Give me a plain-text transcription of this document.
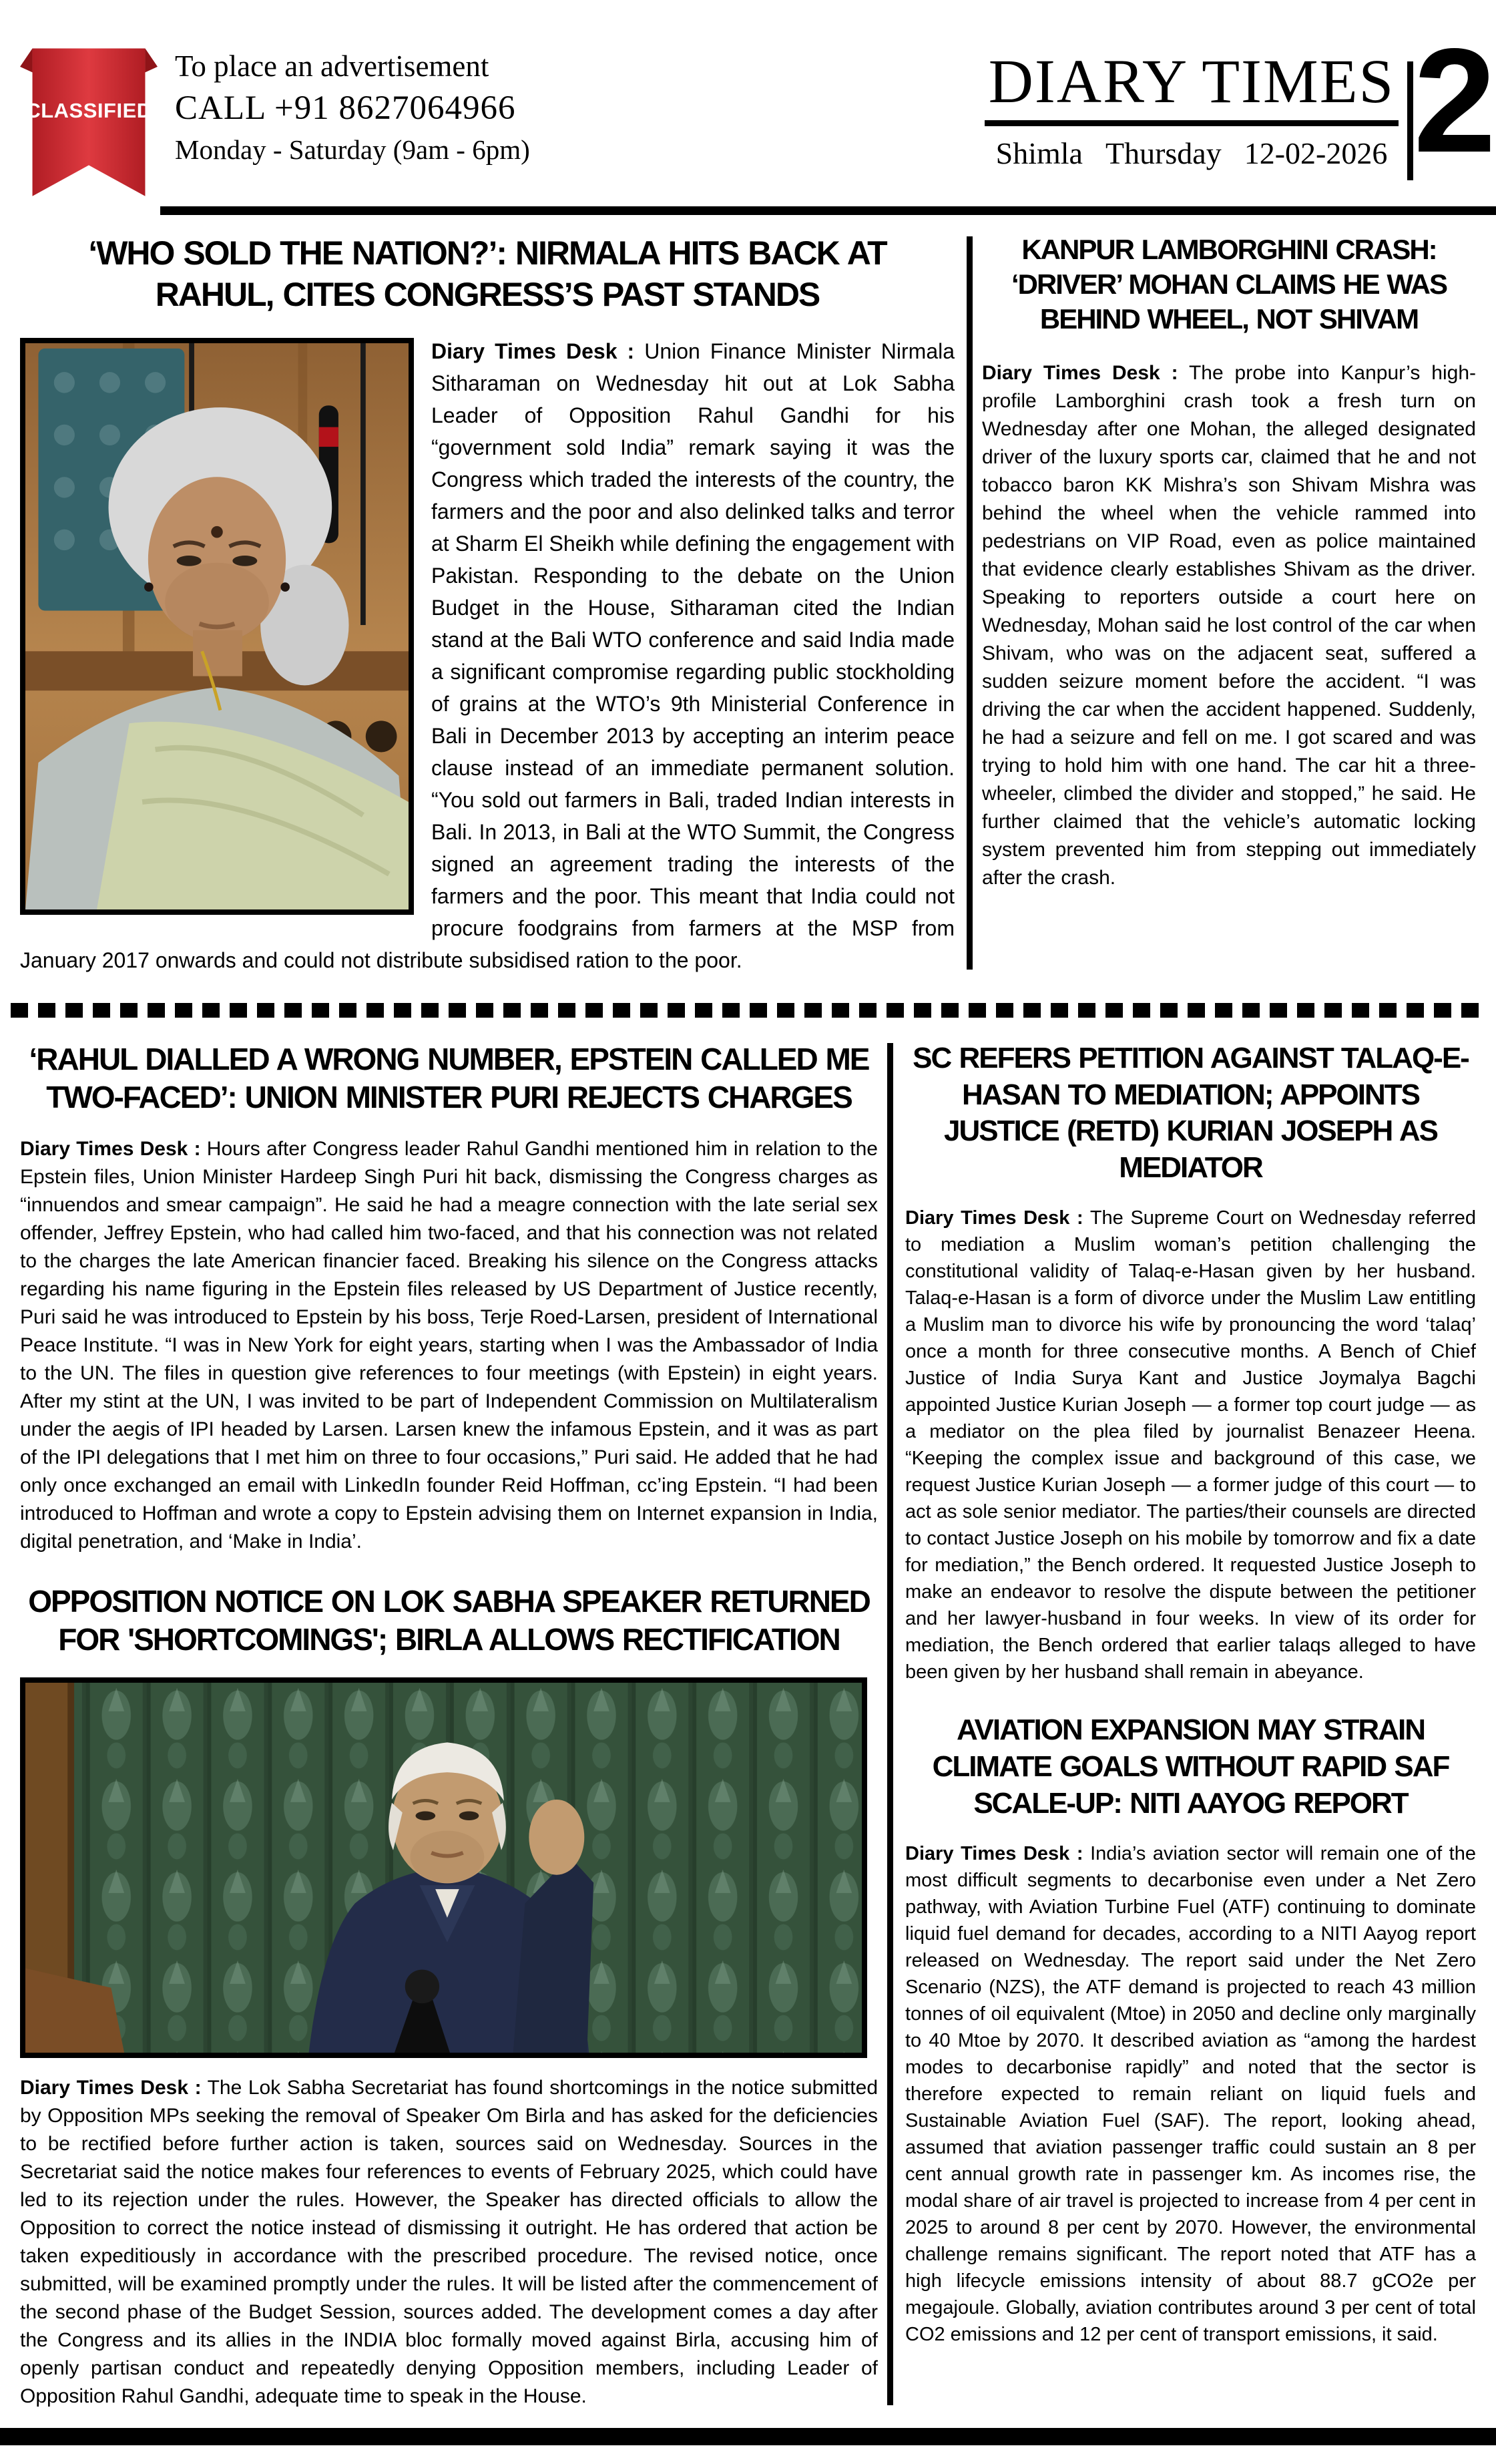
CLASSIFIED
To place an advertisement
CALL +91 8627064966
Monday - Saturday (9am - 6pm)
DIARY TIMES
Shimla Thursday 12-02-2026 2
‘WHO SOLD THE NATION?’: NIRMALA HITS BACK AT RAHUL, CITES CONGRESS’S PAST STANDS

Diary Times Desk : Union Finance Minister Nirmala Sitharaman on Wednesday hit out at Lok Sabha Leader of Opposition Rahul Gandhi for his “government sold India” remark saying it was the Congress which traded the interests of the country, the farmers and the poor and also delinked talks and terror at Sharm El Sheikh while defining the engagement with Pakistan. Responding to the debate on the Union Budget in the House, Sitharaman cited the Indian stand at the Bali WTO conference and said India made a significant compromise regarding public stockholding of grains at the WTO’s 9th Ministerial Conference in Bali in December 2013 by accepting an interim peace clause instead of an immediate permanent solution. “You sold out farmers in Bali, traded Indian interests in Bali. In 2013, in Bali at the WTO Summit, the Congress signed an agreement trading the interests of the farmers and the poor. This meant that India could not procure foodgrains from farmers at the MSP from January 2017 onwards and could not distribute subsidised ration to the poor.

KANPUR LAMBORGHINI CRASH: ‘DRIVER’ MOHAN CLAIMS HE WAS BEHIND WHEEL, NOT SHIVAM

Diary Times Desk : The probe into Kanpur’s high-profile Lamborghini crash took a fresh turn on Wednesday after one Mohan, the alleged designated driver of the luxury sports car, claimed that he and not tobacco baron KK Mishra’s son Shivam Mishra was behind the wheel when the vehicle rammed into pedestrians on VIP Road, even as police maintained that evidence clearly establishes Shivam as the driver. Speaking to reporters outside a court here on Wednesday, Mohan said he lost control of the car when Shivam, who was on the adjacent seat, suffered a sudden seizure moment before the accident. “I was driving the car when the accident happened. Suddenly, he had a seizure and fell on me. I got scared and was trying to hold him with one hand. The car hit a three-wheeler, climbed the divider and stopped,” he said. He further claimed that the vehicle’s automatic locking system prevented him from stepping out immediately after the crash.

‘RAHUL DIALLED A WRONG NUMBER, EPSTEIN CALLED ME TWO-FACED’: UNION MINISTER PURI REJECTS CHARGES

Diary Times Desk : Hours after Congress leader Rahul Gandhi mentioned him in relation to the Epstein files, Union Minister Hardeep Singh Puri hit back, dismissing the Congress charges as “innuendos and smear campaign”. He said he had a meagre connection with the late serial sex offender, Jeffrey Epstein, who had called him two-faced, and that his connection was not related to the charges the late American financier faced. Breaking his silence on the Congress attacks regarding his name figuring in the Epstein files released by US Department of Justice recently, Puri said he was introduced to Epstein by his boss, Terje Roed-Larsen, president of International Peace Institute. “I was in New York for eight years, starting when I was the Ambassador of India to the UN. The files in question give references to four meetings (with Epstein) in eight years. After my stint at the UN, I was invited to be part of Independent Commission on Multilateralism under the aegis of IPI headed by Larsen. Larsen knew the infamous Epstein, and it was as part of the IPI delegations that I met him on three to four occasions,” Puri said. He added that he had only once exchanged an email with LinkedIn founder Reid Hoffman, cc’ing Epstein. “I had been introduced to Hoffman and wrote a copy to Epstein advising them on Internet expansion in India, digital penetration, and ‘Make in India’.

OPPOSITION NOTICE ON LOK SABHA SPEAKER RETURNED FOR 'SHORTCOMINGS'; BIRLA ALLOWS RECTIFICATION

Diary Times Desk : The Lok Sabha Secretariat has found shortcomings in the notice submitted by Opposition MPs seeking the removal of Speaker Om Birla and has asked for the deficiencies to be rectified before further action is taken, sources said on Wednesday. Sources in the Secretariat said the notice makes four references to events of February 2025, which could have led to its rejection under the rules. However, the Speaker has directed officials to allow the Opposition to correct the notice instead of dismissing it outright. He has ordered that action be taken expeditiously in accordance with the prescribed procedure. The revised notice, once submitted, will be examined promptly under the rules. It will be listed after the commencement of the second phase of the Budget Session, sources added. The development comes a day after the Congress and its allies in the INDIA bloc formally moved against Birla, accusing him of openly partisan conduct and repeatedly denying Opposition members, including Leader of Opposition Rahul Gandhi, adequate time to speak in the House.

SC REFERS PETITION AGAINST TALAQ-E-HASAN TO MEDIATION; APPOINTS JUSTICE (RETD) KURIAN JOSEPH AS MEDIATOR

Diary Times Desk : The Supreme Court on Wednesday referred to mediation a Muslim woman’s petition challenging the constitutional validity of Talaq-e-Hasan given by her husband. Talaq-e-Hasan is a form of divorce under the Muslim Law entitling a Muslim man to divorce his wife by pronouncing the word ‘talaq’ once a month for three consecutive months. A Bench of Chief Justice of India Surya Kant and Justice Joymalya Bagchi appointed Justice Kurian Joseph — a former top court judge — as a mediator on the plea filed by journalist Benazeer Heena. “Keeping the complex issue and background of this case, we request Justice Kurian Joseph — a former judge of this court — to act as sole senior mediator. The parties/their counsels are directed to contact Justice Joseph on his mobile by tomorrow and fix a date for mediation,” the Bench ordered. It requested Justice Joseph to make an endeavor to resolve the dispute between the petitioner and her lawyer-husband in four weeks. In view of its order for mediation, the Bench ordered that earlier talaqs alleged to have been given by her husband shall remain in abeyance.

AVIATION EXPANSION MAY STRAIN CLIMATE GOALS WITHOUT RAPID SAF SCALE-UP: NITI AAYOG REPORT

Diary Times Desk : India’s aviation sector will remain one of the most difficult segments to decarbonise even under a Net Zero pathway, with Aviation Turbine Fuel (ATF) continuing to dominate liquid fuel demand for decades, according to a NITI Aayog report released on Wednesday. The report said under the Net Zero Scenario (NZS), the ATF demand is projected to reach 43 million tonnes of oil equivalent (Mtoe) in 2050 and decline only marginally to 40 Mtoe by 2070. It described aviation as “among the hardest modes to decarbonise rapidly” and noted that the sector is therefore expected to remain reliant on liquid fuels and Sustainable Aviation Fuel (SAF). The report, looking ahead, assumed that aviation passenger traffic could sustain an 8 per cent annual growth rate in passenger km. As incomes rise, the modal share of air travel is projected to increase from 4 per cent in 2025 to around 8 per cent by 2070. However, the environmental challenge remains significant. The report noted that ATF has a high lifecycle emissions intensity of about 88.7 gCO2e per megajoule. Globally, aviation contributes around 3 per cent of total CO2 emissions and 12 per cent of transport emissions, it said.
